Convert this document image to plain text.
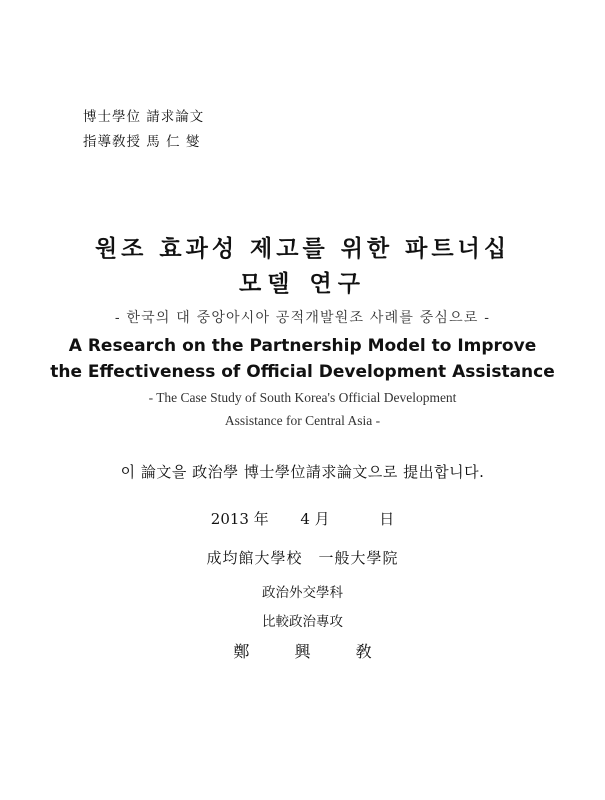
博士學位 請求論文
指導敎授 馬 仁 燮
원조 효과성 제고를 위한 파트너십
모델 연구
- 한국의 대 중앙아시아 공적개발원조 사례를 중심으로 -
A Research on the Partnership Model to Improve
the Effectiveness of Official Development Assistance
- The Case Study of South Korea's Official Development
Assistance for Central Asia -
이 論文을 政治學 博士學位請求論文으로 提出합니다.
2013 年 4 月	日
成均館大學校　一般大學院
政治外交學科
比較政治專攻
鄭	興	敎
